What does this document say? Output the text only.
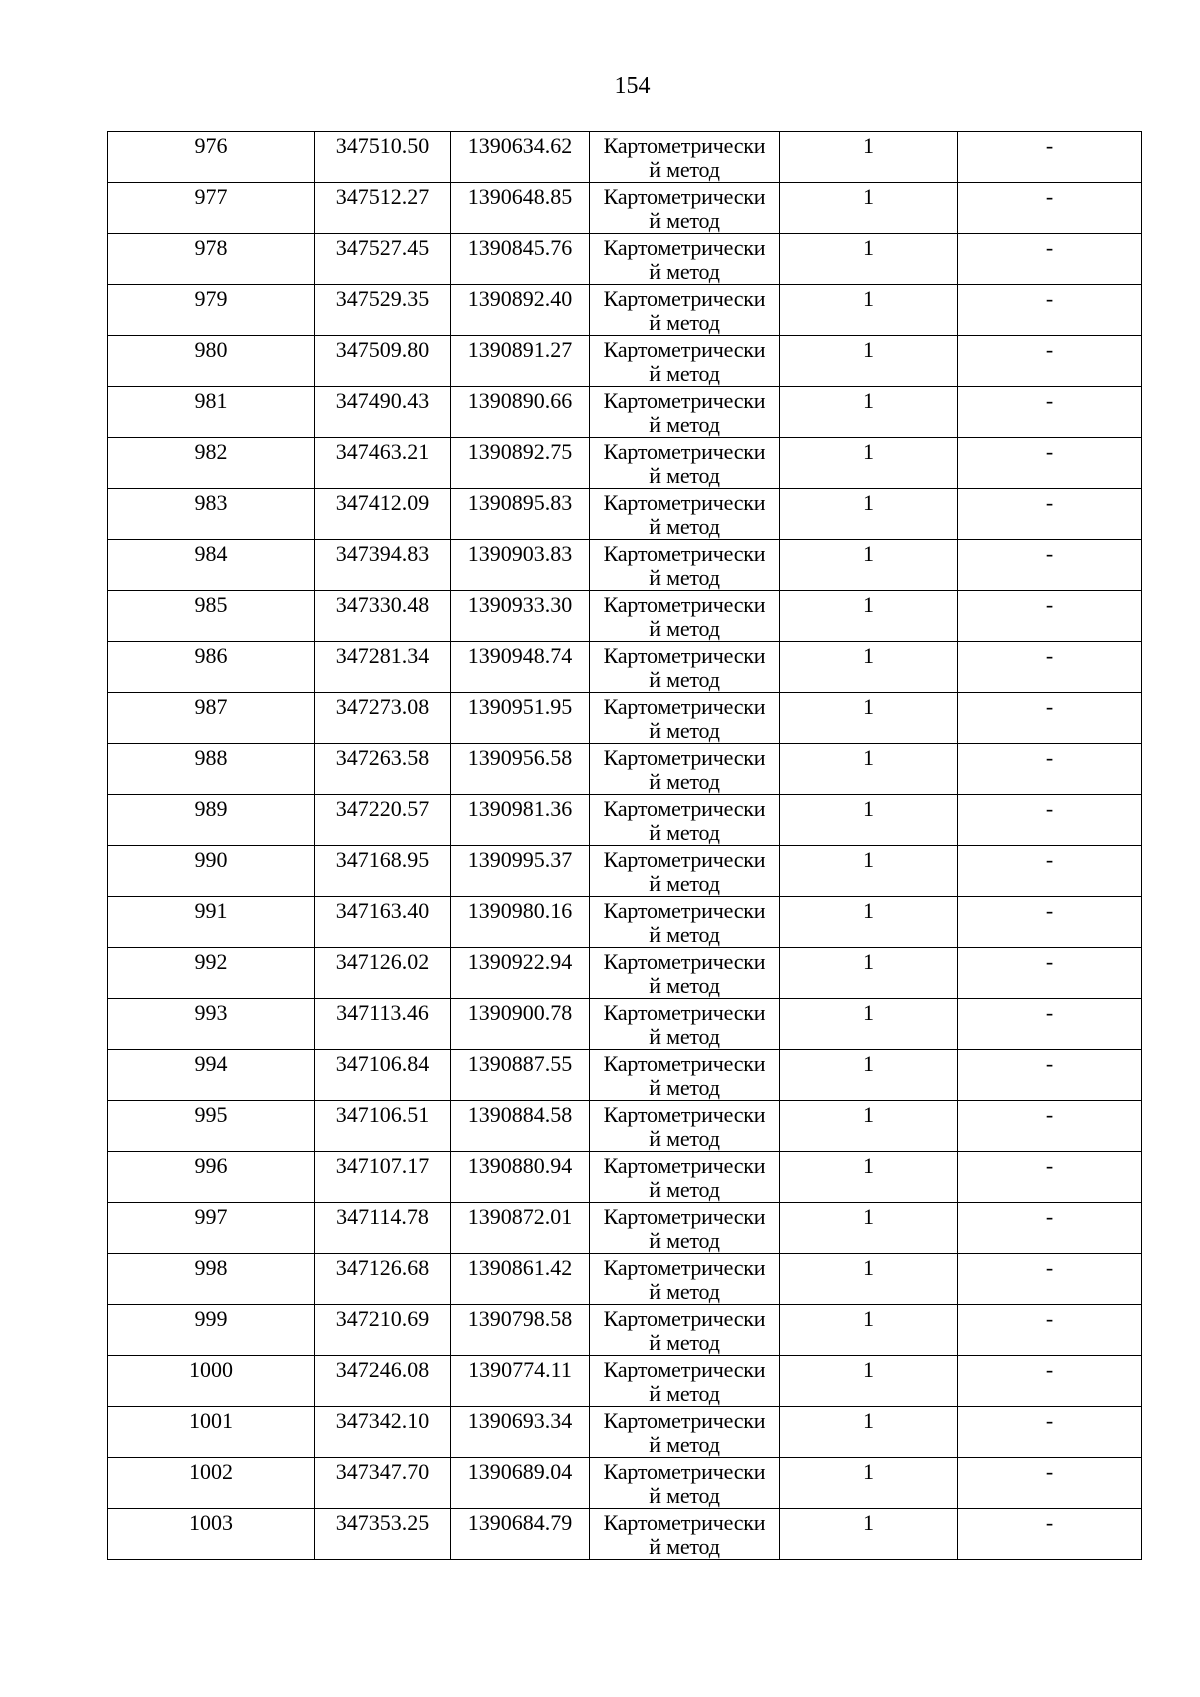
154
976	347510.50	1390634.62	Картометрически
й метод	1	-

977	347512.27	1390648.85	Картометрически
й метод	1	-

978	347527.45	1390845.76	Картометрически
й метод	1	-

979	347529.35	1390892.40	Картометрически
й метод	1	-

980	347509.80	1390891.27	Картометрически
й метод	1	-

981	347490.43	1390890.66	Картометрически
й метод	1	-

982	347463.21	1390892.75	Картометрически
й метод	1	-

983	347412.09	1390895.83	Картометрически
й метод	1	-

984	347394.83	1390903.83	Картометрически
й метод	1	-

985	347330.48	1390933.30	Картометрически
й метод	1	-

986	347281.34	1390948.74	Картометрически
й метод	1	-

987	347273.08	1390951.95	Картометрически
й метод	1	-

988	347263.58	1390956.58	Картометрически
й метод	1	-

989	347220.57	1390981.36	Картометрически
й метод	1	-

990	347168.95	1390995.37	Картометрически
й метод	1	-

991	347163.40	1390980.16	Картометрически
й метод	1	-

992	347126.02	1390922.94	Картометрически
й метод	1	-

993	347113.46	1390900.78	Картометрически
й метод	1	-

994	347106.84	1390887.55	Картометрически
й метод	1	-

995	347106.51	1390884.58	Картометрически
й метод	1	-

996	347107.17	1390880.94	Картометрически
й метод	1	-

997	347114.78	1390872.01	Картометрически
й метод	1	-

998	347126.68	1390861.42	Картометрически
й метод	1	-

999	347210.69	1390798.58	Картометрически
й метод	1	-

1000	347246.08	1390774.11	Картометрически
й метод	1	-

1001	347342.10	1390693.34	Картометрически
й метод	1	-

1002	347347.70	1390689.04	Картометрически
й метод	1	-

1003	347353.25	1390684.79	Картометрически
й метод	1	-
